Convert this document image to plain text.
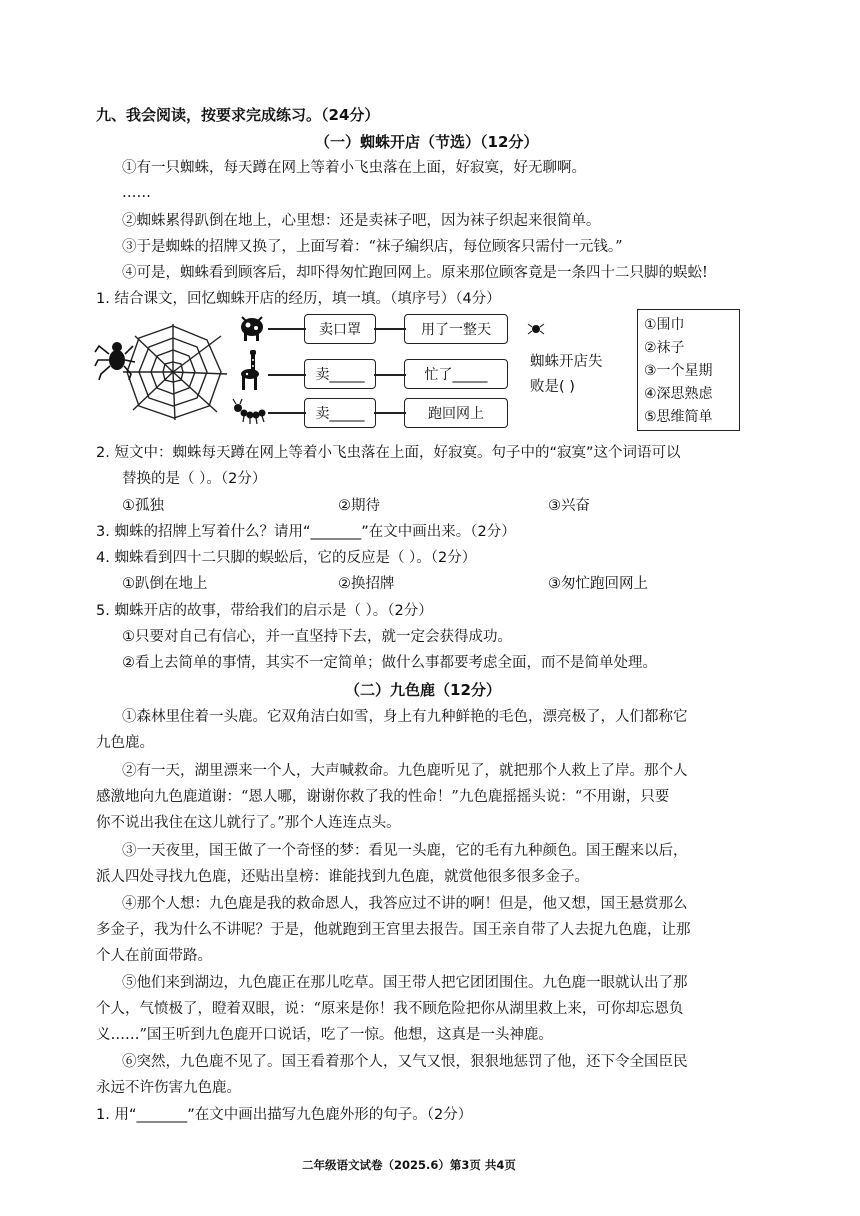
九、我会阅读，按要求完成练习。（24分）
（一）蜘蛛开店（节选）（12分）
①有一只蜘蛛，每天蹲在网上等着小飞虫落在上面，好寂寞，好无聊啊。
……
②蜘蛛累得趴倒在地上，心里想：还是卖袜子吧，因为袜子织起来很简单。
③于是蜘蛛的招牌又换了，上面写着：“袜子编织店，每位顾客只需付一元钱。”
④可是，蜘蛛看到顾客后，却吓得匆忙跑回网上。原来那位顾客竟是一条四十二只脚的蜈蚣!
1. 结合课文，回忆蜘蛛开店的经历，填一填。（填序号）（4分）
卖口罩	用了一整天
卖_____	忙了_____
卖_____	跑回网上
蜘蛛开店失
败是( )
①围巾
②袜子
③一个星期
④深思熟虑
⑤思维简单
2. 短文中：蜘蛛每天蹲在网上等着小飞虫落在上面，好寂寞。句子中的“寂寞”这个词语可以
替换的是（ ）。（2分）
①孤独	②期待	③兴奋
3. 蜘蛛的招牌上写着什么？请用“_______”在文中画出来。（2分）
4. 蜘蛛看到四十二只脚的蜈蚣后，它的反应是（ ）。（2分）
①趴倒在地上	②换招牌	③匆忙跑回网上
5. 蜘蛛开店的故事，带给我们的启示是（ ）。（2分）
①只要对自己有信心，并一直坚持下去，就一定会获得成功。
②看上去简单的事情，其实不一定简单；做什么事都要考虑全面，而不是简单处理。
（二）九色鹿（12分）
①森林里住着一头鹿。它双角洁白如雪，身上有九种鲜艳的毛色，漂亮极了，人们都称它
九色鹿。
②有一天，湖里漂来一个人，大声喊救命。九色鹿听见了，就把那个人救上了岸。那个人
感激地向九色鹿道谢：“恩人哪，谢谢你救了我的性命！”九色鹿摇摇头说：“不用谢，只要
你不说出我住在这儿就行了。”那个人连连点头。
③一天夜里，国王做了一个奇怪的梦：看见一头鹿，它的毛有九种颜色。国王醒来以后，
派人四处寻找九色鹿，还贴出皇榜：谁能找到九色鹿，就赏他很多很多金子。
④那个人想：九色鹿是我的救命恩人，我答应过不讲的啊！但是，他又想，国王悬赏那么
多金子，我为什么不讲呢？于是，他就跑到王宫里去报告。国王亲自带了人去捉九色鹿，让那
个人在前面带路。
⑤他们来到湖边，九色鹿正在那儿吃草。国王带人把它团团围住。九色鹿一眼就认出了那
个人，气愤极了，瞪着双眼，说：“原来是你！我不顾危险把你从湖里救上来，可你却忘恩负
义……”国王听到九色鹿开口说话，吃了一惊。他想，这真是一头神鹿。
⑥突然，九色鹿不见了。国王看着那个人，又气又恨，狠狠地惩罚了他，还下令全国臣民
永远不许伤害九色鹿。
1. 用“_______”在文中画出描写九色鹿外形的句子。（2分）
二年级语文试卷（2025.6）第3页 共4页
